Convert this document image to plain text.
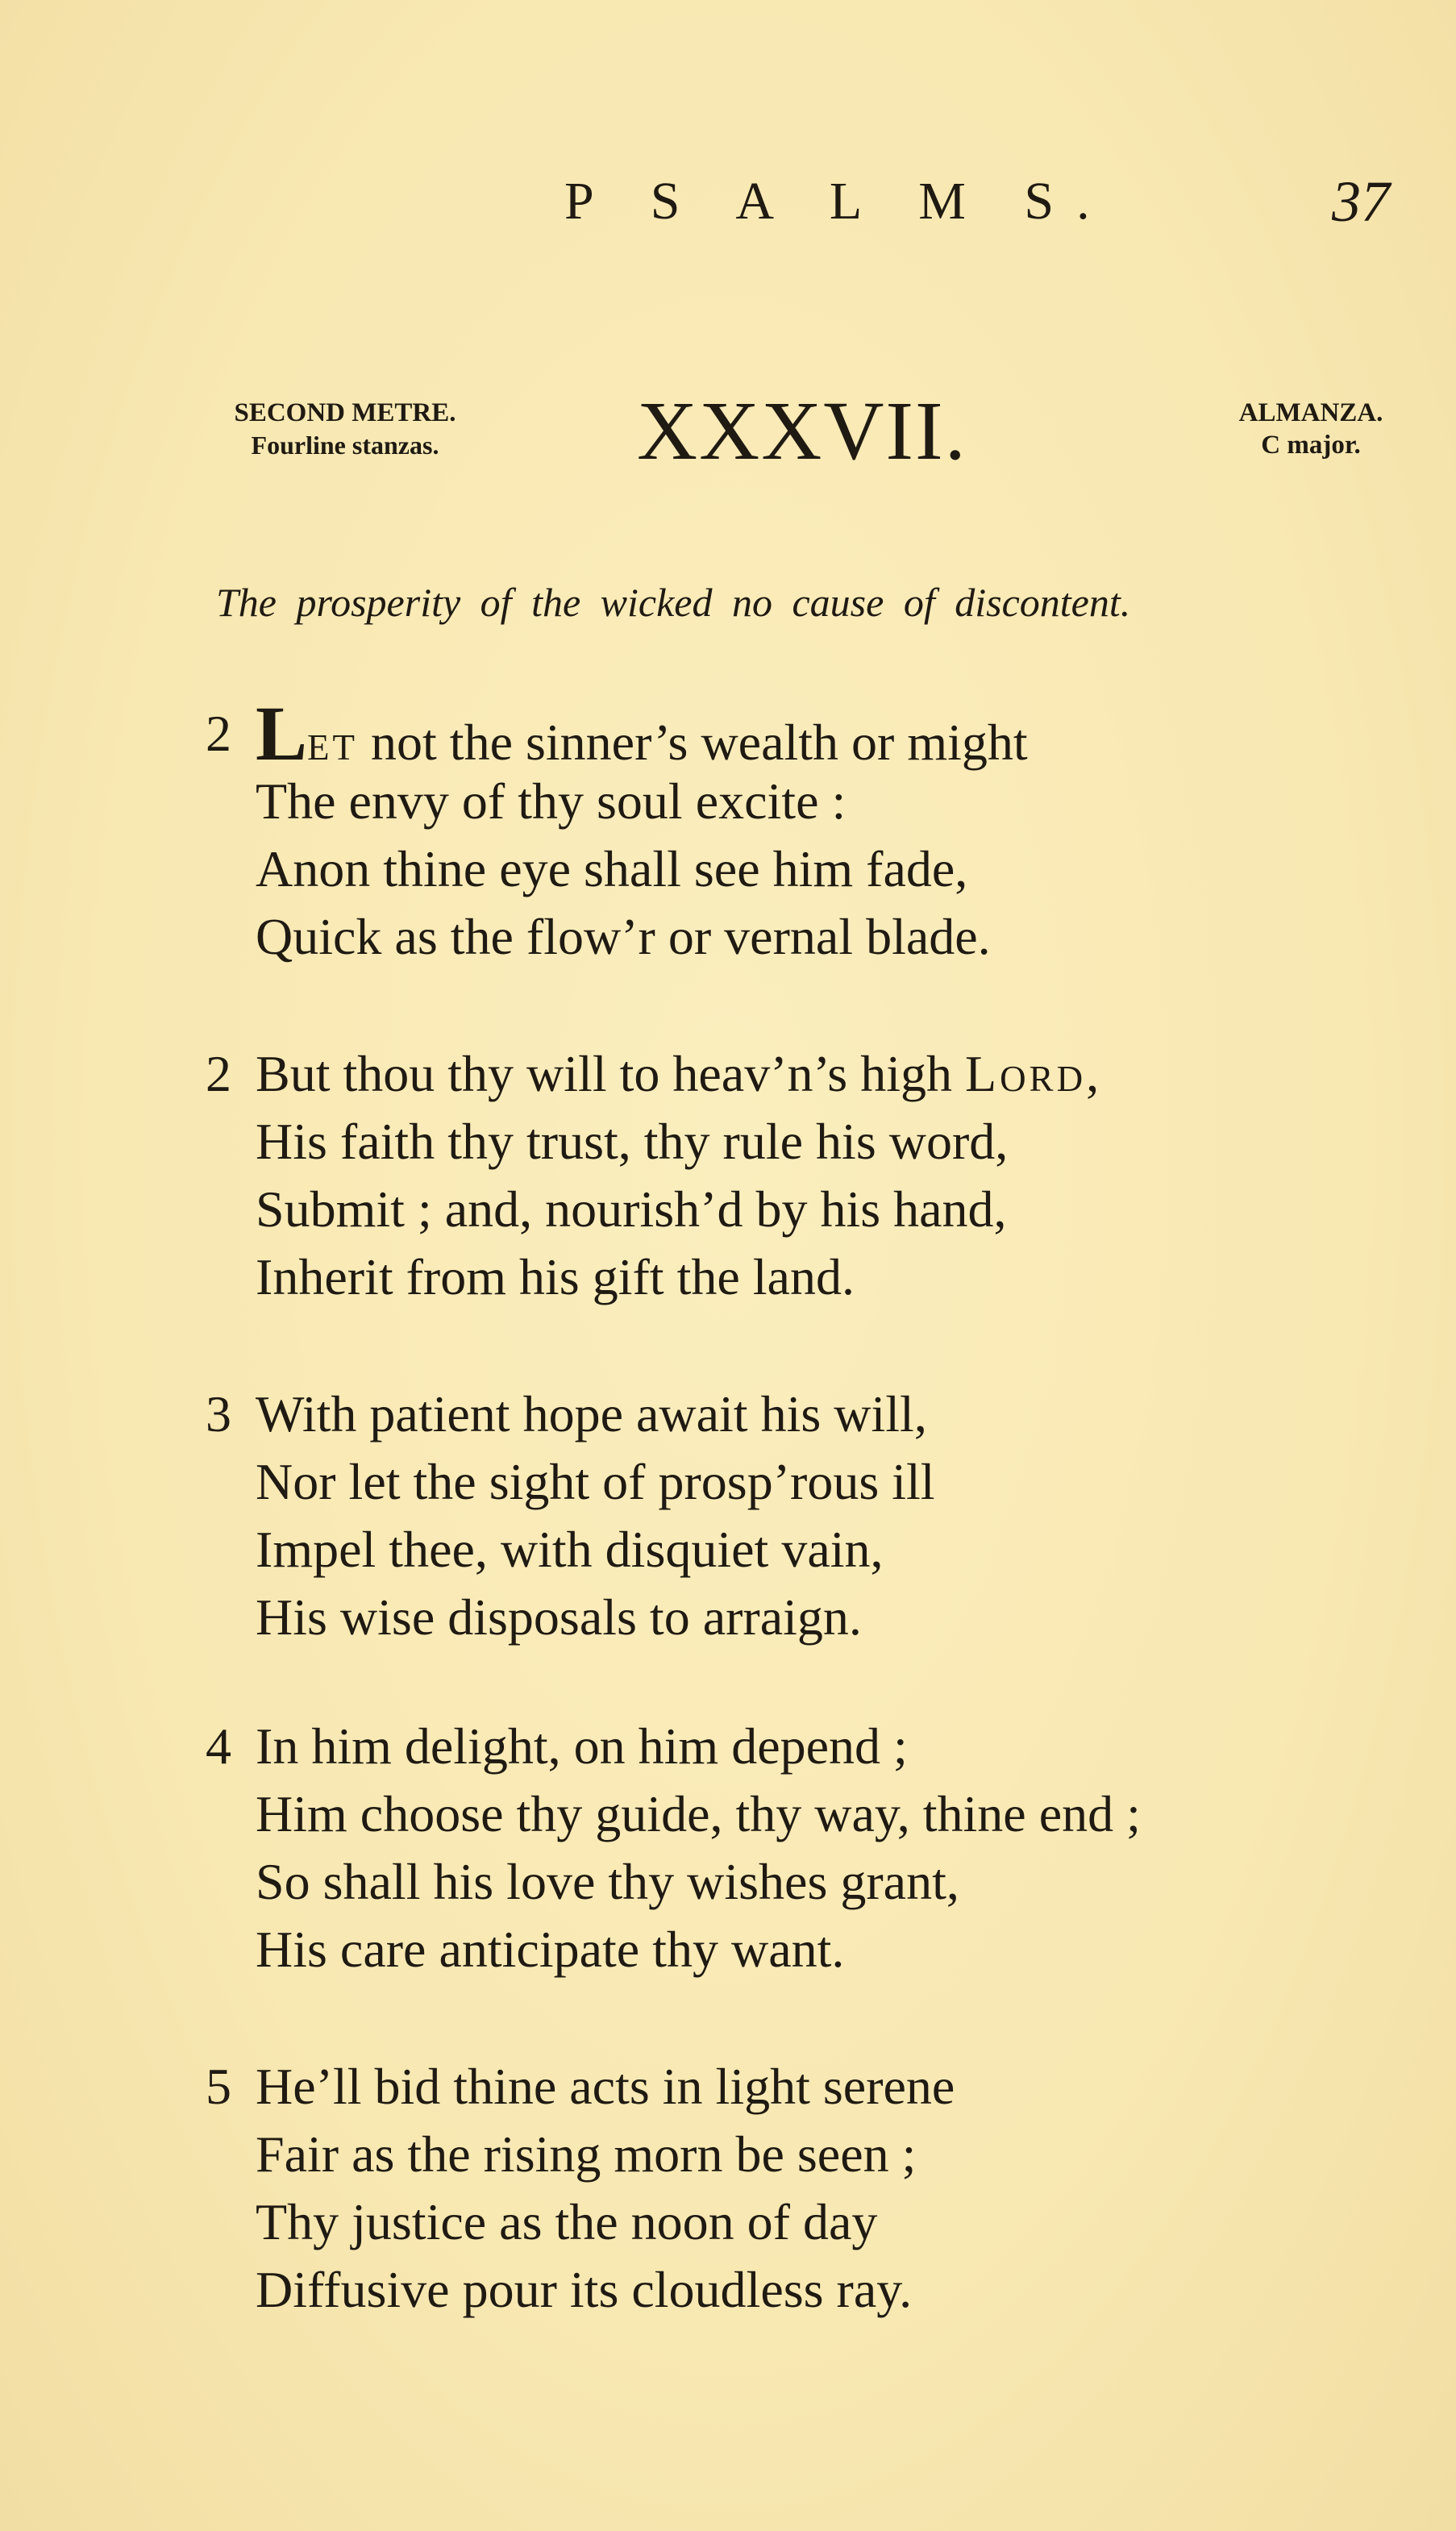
P S A L M S.	37
SECOND METRE.
Fourline stanzas.	XXXVII.	ALMANZA.
C major.
The prosperity of the wicked no cause of discontent.
2 Let not the sinner’s wealth or might
The envy of thy soul excite :
Anon thine eye shall see him fade,
Quick as the flow’r or vernal blade.
2 But thou thy will to heav’n’s high Lord,
His faith thy trust, thy rule his word,
Submit ; and, nourish’d by his hand,
Inherit from his gift the land.
3 With patient hope await his will,
Nor let the sight of prosp’rous ill
Impel thee, with disquiet vain,
His wise disposals to arraign.
4 In him delight, on him depend ;
Him choose thy guide, thy way, thine end ;
So shall his love thy wishes grant,
His care anticipate thy want.
5 He’ll bid thine acts in light serene
Fair as the rising morn be seen ;
Thy justice as the noon of day
Diffusive pour its cloudless ray.
